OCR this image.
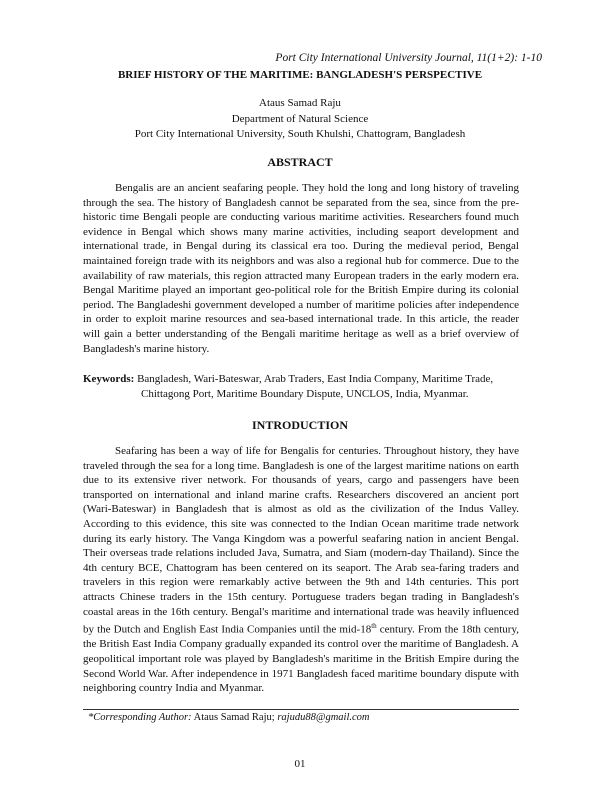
Port City International University Journal, 11(1+2): 1-10
BRIEF HISTORY OF THE MARITIME: BANGLADESH'S PERSPECTIVE
Ataus Samad Raju
Department of Natural Science
Port City International University, South Khulshi, Chattogram, Bangladesh
ABSTRACT

Bengalis are an ancient seafaring people. They hold the long and long history of traveling through the sea. The history of Bangladesh cannot be separated from the sea, since from the pre-historic time Bengali people are conducting various maritime activities. Researchers found much evidence in Bengal which shows many marine activities, including seaport development and international trade, in Bengal during its classical era too. During the medieval period, Bengal maintained foreign trade with its neighbors and was also a regional hub for commerce. Due to the availability of raw materials, this region attracted many European traders in the early modern era. Bengal Maritime played an important geo-political role for the British Empire during its colonial period. The Bangladeshi government developed a number of maritime policies after independence in order to exploit marine resources and sea-based international trade. In this article, the reader will gain a better understanding of the Bengali maritime heritage as well as a brief overview of Bangladesh's marine history.

Keywords: Bangladesh, Wari-Bateswar, Arab Traders, East India Company, Maritime Trade,
Chittagong Port, Maritime Boundary Dispute, UNCLOS, India, Myanmar.
INTRODUCTION

Seafaring has been a way of life for Bengalis for centuries. Throughout history, they have traveled through the sea for a long time. Bangladesh is one of the largest maritime nations on earth due to its extensive river network. For thousands of years, cargo and passengers have been transported on international and inland marine crafts. Researchers discovered an ancient port (Wari-Bateswar) in Bangladesh that is almost as old as the civilization of the Indus Valley. According to this evidence, this site was connected to the Indian Ocean maritime trade network during its early history. The Vanga Kingdom was a powerful seafaring nation in ancient Bengal. Their overseas trade relations included Java, Sumatra, and Siam (modern-day Thailand). Since the 4th century BCE, Chattogram has been centered on its seaport. The Arab sea-faring traders and travelers in this region were remarkably active between the 9th and 14th centuries. This port attracts Chinese traders in the 15th century. Portuguese traders began trading in Bangladesh's coastal areas in the 16th century. Bengal's maritime and international trade was heavily influenced by the Dutch and English East India Companies until the mid-18th century. From the 18th century, the British East India Company gradually expanded its control over the maritime of Bangladesh. A geopolitical important role was played by Bangladesh's maritime in the British Empire during the Second World War. After independence in 1971 Bangladesh faced maritime boundary dispute with neighboring country India and Myanmar.

*Corresponding Author: Ataus Samad Raju; rajudu88@gmail.com
01
